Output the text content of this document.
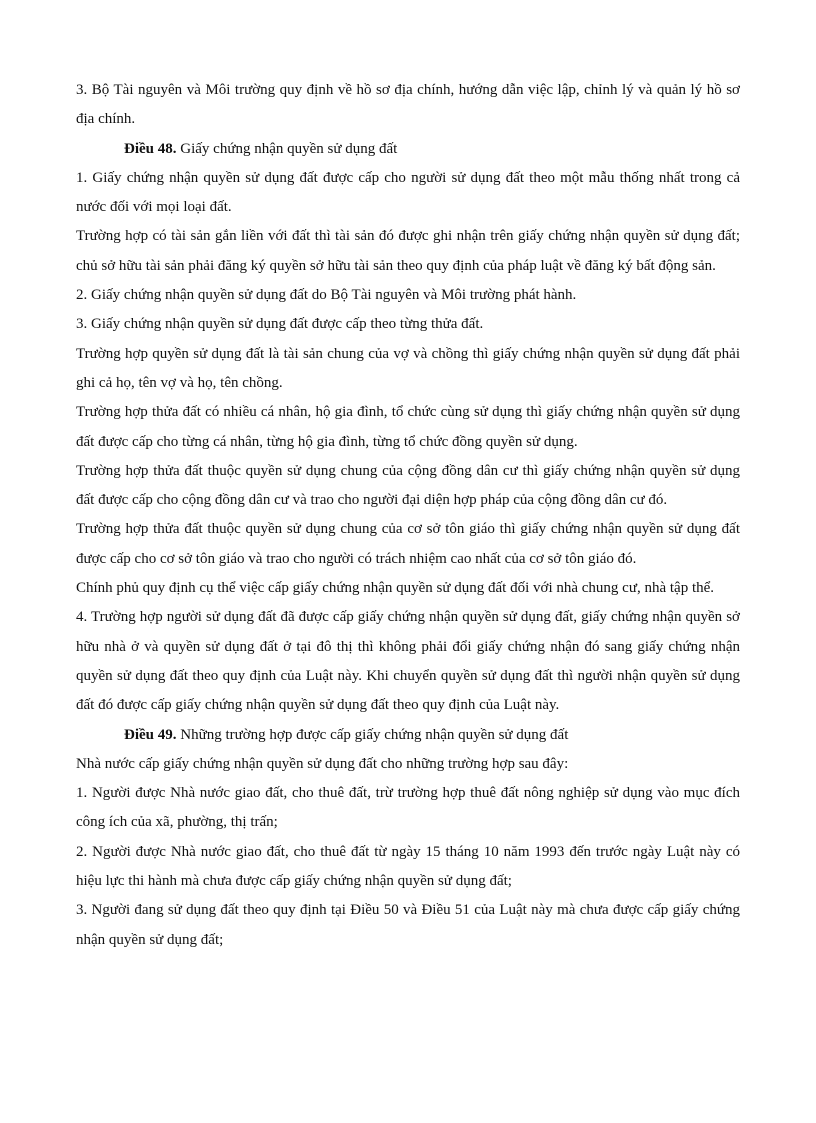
3. Bộ Tài nguyên và Môi trường quy định về hồ sơ địa chính, hướng dẫn việc lập, chỉnh lý và quản lý hồ sơ địa chính.

Điều 48. Giấy chứng nhận quyền sử dụng đất

1. Giấy chứng nhận quyền sử dụng đất được cấp cho người sử dụng đất theo một mẫu thống nhất trong cả nước đối với mọi loại đất.

Trường hợp có tài sản gắn liền với đất thì tài sản đó được ghi nhận trên giấy chứng nhận quyền sử dụng đất; chủ sở hữu tài sản phải đăng ký quyền sở hữu tài sản theo quy định của pháp luật về đăng ký bất động sản.

2. Giấy chứng nhận quyền sử dụng đất do Bộ Tài nguyên và Môi trường phát hành.

3. Giấy chứng nhận quyền sử dụng đất được cấp theo từng thửa đất.

Trường hợp quyền sử dụng đất là tài sản chung của vợ và chồng thì giấy chứng nhận quyền sử dụng đất phải ghi cả họ, tên vợ và họ, tên chồng.

Trường hợp thửa đất có nhiều cá nhân, hộ gia đình, tổ chức cùng sử dụng thì giấy chứng nhận quyền sử dụng đất được cấp cho từng cá nhân, từng hộ gia đình, từng tổ chức đồng quyền sử dụng.

Trường hợp thửa đất thuộc quyền sử dụng chung của cộng đồng dân cư thì giấy chứng nhận quyền sử dụng đất được cấp cho cộng đồng dân cư và trao cho người đại diện hợp pháp của cộng đồng dân cư đó.

Trường hợp thửa đất thuộc quyền sử dụng chung của cơ sở tôn giáo thì giấy chứng nhận quyền sử dụng đất được cấp cho cơ sở tôn giáo và trao cho người có trách nhiệm cao nhất của cơ sở tôn giáo đó.

Chính phủ quy định cụ thể việc cấp giấy chứng nhận quyền sử dụng đất đối với nhà chung cư, nhà tập thể.

4. Trường hợp người sử dụng đất đã được cấp giấy chứng nhận quyền sử dụng đất, giấy chứng nhận quyền sở hữu nhà ở và quyền sử dụng đất ở tại đô thị thì không phải đổi giấy chứng nhận đó sang giấy chứng nhận quyền sử dụng đất theo quy định của Luật này. Khi chuyển quyền sử dụng đất thì người nhận quyền sử dụng đất đó được cấp giấy chứng nhận quyền sử dụng đất theo quy định của Luật này.

Điều 49. Những trường hợp được cấp giấy chứng nhận quyền sử dụng đất

Nhà nước cấp giấy chứng nhận quyền sử dụng đất cho những trường hợp sau đây:

1. Người được Nhà nước giao đất, cho thuê đất, trừ trường hợp thuê đất nông nghiệp sử dụng vào mục đích công ích của xã, phường, thị trấn;

2. Người được Nhà nước giao đất, cho thuê đất từ ngày 15 tháng 10 năm 1993 đến trước ngày Luật này có hiệu lực thi hành mà chưa được cấp giấy chứng nhận quyền sử dụng đất;

3. Người đang sử dụng đất theo quy định tại Điều 50 và Điều 51 của Luật này mà chưa được cấp giấy chứng nhận quyền sử dụng đất;
